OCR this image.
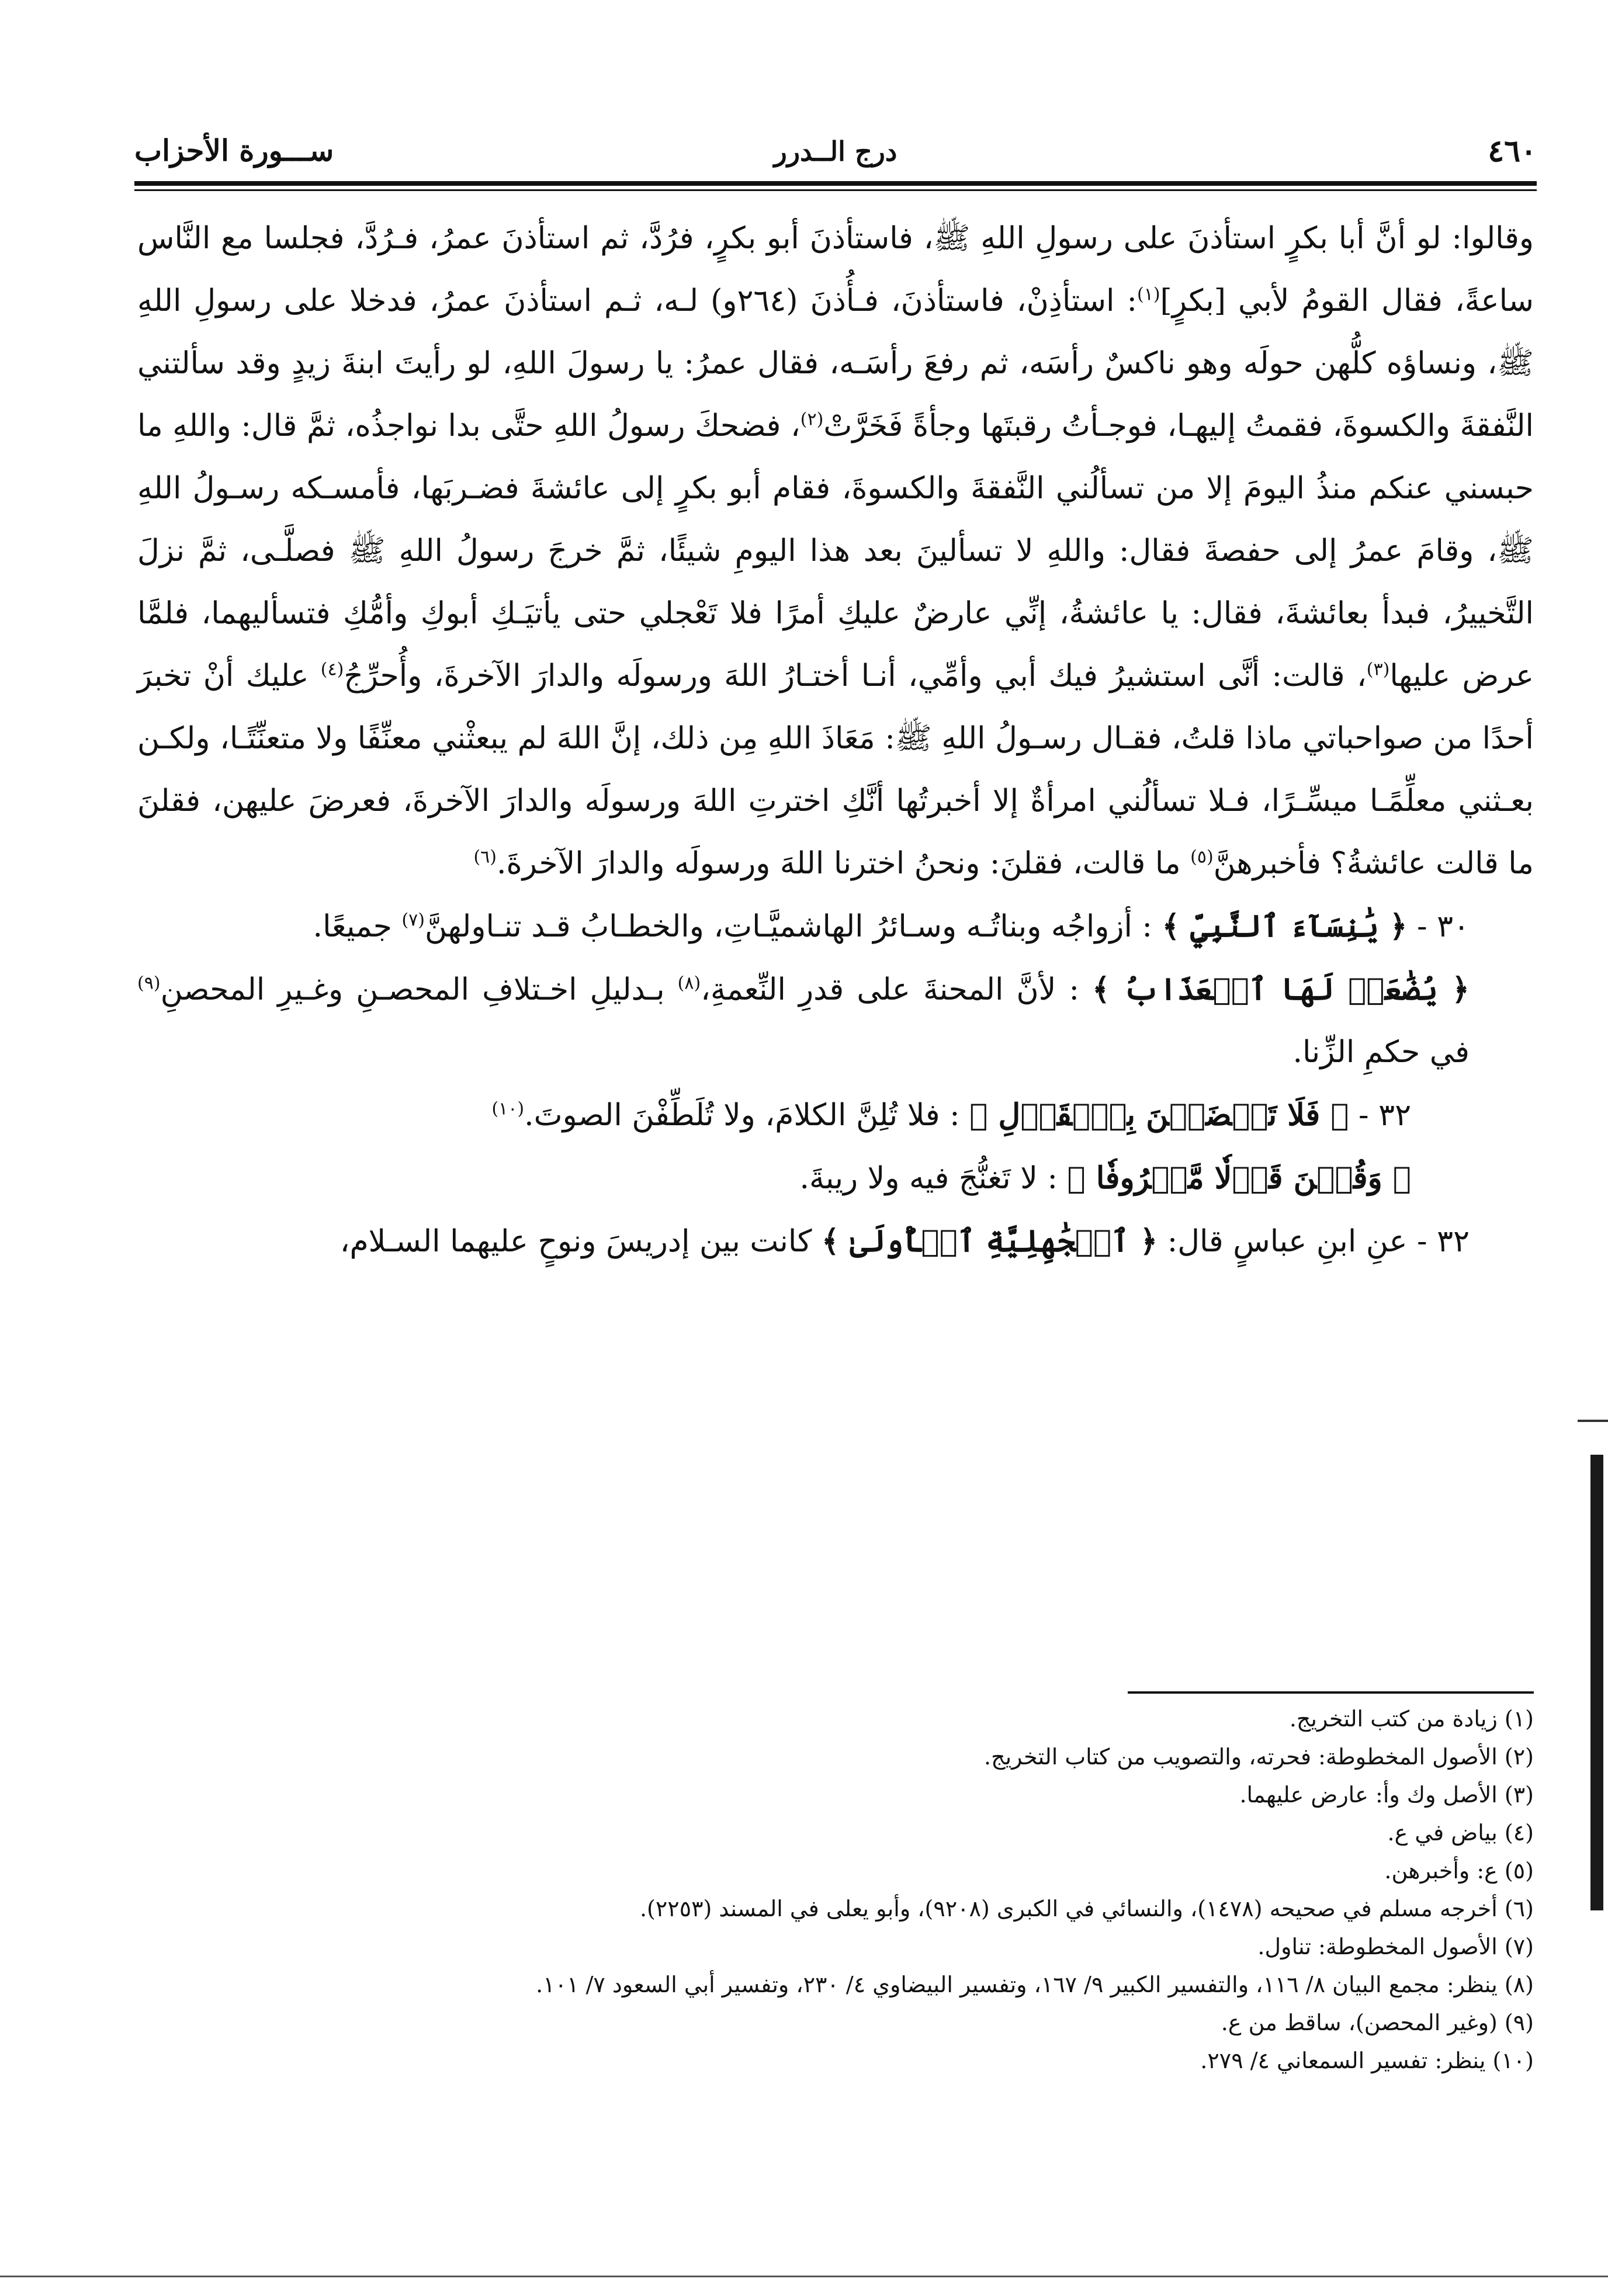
٤٦٠
درج الــدرر
ســـورة الأحزاب

وقالوا: لو أنَّ أبا بكرٍ استأذنَ على رسولِ اللهِ ﷺ، فاستأذنَ أبو بكرٍ، فرُدَّ، ثم استأذنَ عمرُ، فـرُدَّ، فجلسا مع النَّاس ساعةً، فقال القومُ لأبي [بكرٍ]$^{(١)}$: استأذِنْ، فاستأذنَ، فـأُذنَ (٢٦٤و) لـه، ثـم استأذنَ عمرُ، فدخلا على رسولِ اللهِ ﷺ، ونساؤه كلُّهن حولَه وهو ناكسٌ رأسَه، ثم رفعَ رأسَـه، فقال عمرُ: يا رسولَ اللهِ، لو رأيتَ ابنةَ زيدٍ وقد سألتني النَّفقةَ والكسوةَ، فقمتُ إليهـا، فوجـأتُ رقبتَها وجأةً فَخَرَّتْ$^{(٢)}$، فضحكَ رسولُ اللهِ حتَّى بدا نواجذُه، ثمَّ قال: واللهِ ما حبسني عنكم منذُ اليومَ إلا من تسألُني النَّفقةَ والكسوةَ، فقام أبو بكرٍ إلى عائشةَ فضـربَها، فأمسـكه رسـولُ اللهِ ﷺ، وقامَ عمرُ إلى حفصةَ فقال: واللهِ لا تسألينَ بعد هذا اليومِ شيئًا، ثمَّ خرجَ رسولُ اللهِ ﷺ فصلَّـى، ثمَّ نزلَ التَّخييرُ، فبدأ بعائشةَ، فقال: يا عائشةُ، إنِّي عارضٌ عليكِ أمرًا فلا تَعْجلي حتى يأتيَـكِ أبوكِ وأمُّكِ فتسأليهما، فلمَّا عرض عليها$^{(٣)}$، قالت: أنَّى استشيرُ فيك أبي وأمِّي، أنـا أختـارُ اللهَ ورسولَه والدارَ الآخرةَ، وأُحرِّجُ$^{(٤)}$ عليك أنْ تخبرَ أحدًا من صواحباتي ماذا قلتُ، فقـال رسـولُ اللهِ ﷺ: مَعَاذَ اللهِ مِن ذلك، إنَّ اللهَ لم يبعثْني معنِّفًا ولا متعنِّتًـا، ولكـن بعـثني معلِّمًـا ميسِّـرًا، فـلا تسألُني امرأةٌ إلا أخبرتُها أنَّكِ اخترتِ اللهَ ورسولَه والدارَ الآخرةَ، فعرضَ عليهن، فقلنَ ما قالت عائشةُ؟ فأخبرهنَّ$^{(٥)}$ ما قالت، فقلنَ: ونحنُ اخترنا اللهَ ورسولَه والدارَ الآخرةَ.$^{(٦)}$

٣٠ - ﴿ يَٰنِسَآءَ ٱلنَّبِيِّ ﴾ : أزواجُه وبناتُـه وسـائرُ الهاشميَّـاتِ، والخطـابُ قـد تنـاولهنَّ$^{(٧)}$ جميعًا.

﴿ يُضَٰعَفۡ لَهَا ٱلۡعَذَابُ ﴾ : لأنَّ المحنةَ على قدرِ النِّعمةِ،$^{(٨)}$ بـدليلِ اخـتلافِ المحصـنِ وغـيرِ المحصنِ$^{(٩)}$ في حكمِ الزِّنا.

٣٢ - ﴿ فَلَا تَخۡضَعۡنَ بِٱلۡقَوۡلِ ﴾ : فلا تُلِنَّ الكلامَ، ولا تُلَطِّفْنَ الصوتَ.$^{(١٠)}$

﴿ وَقُلۡنَ قَوۡلٗا مَّعۡرُوفٗا ﴾ : لا تَغنُّجَ فيه ولا ريبةَ.

٣٢ - عنِ ابنِ عباسٍ قال: ﴿ ٱلۡجَٰهِلِيَّةِ ٱلۡأُولَىٰ ﴾ كانت بين إدريسَ ونوحٍ عليهما السـلام،

(١) زيادة من كتب التخريج.
(٢) الأصول المخطوطة: فحرته، والتصويب من كتاب التخريج.
(٣) الأصل وك وأ: عارض عليهما.
(٤) بياض في ع.
(٥) ع: وأخبرهن.
(٦) أخرجه مسلم في صحيحه (١٤٧٨)، والنسائي في الكبرى (٩٢٠٨)، وأبو يعلى في المسند (٢٢٥٣).
(٧) الأصول المخطوطة: تناول.
(٨) ينظر: مجمع البيان ٨/ ١١٦، والتفسير الكبير ٩/ ١٦٧، وتفسير البيضاوي ٤/ ٢٣٠، وتفسير أبي السعود ٧/ ١٠١.
(٩) (وغير المحصن)، ساقط من ع.
(١٠) ينظر: تفسير السمعاني ٤/ ٢٧٩.
